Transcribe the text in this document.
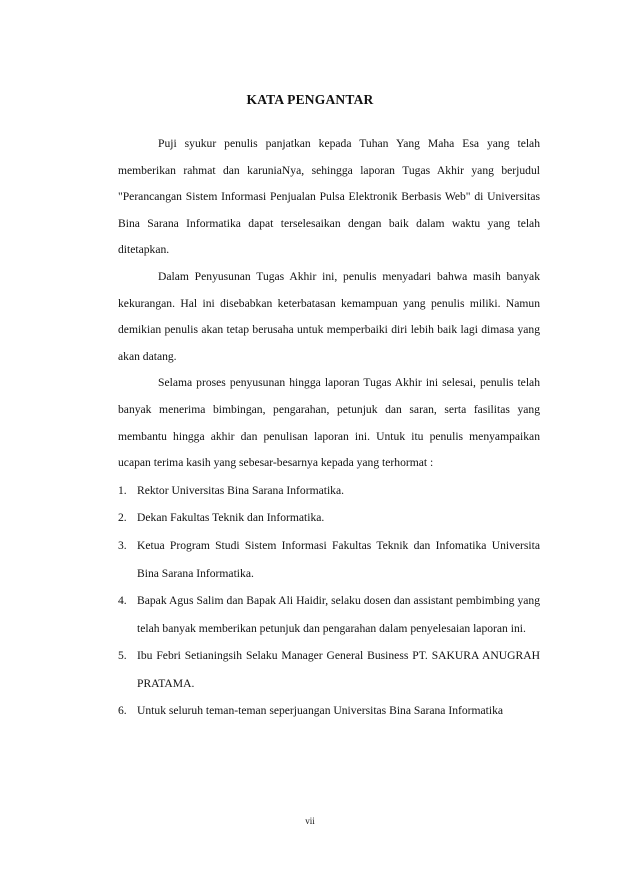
KATA PENGANTAR

Puji syukur penulis panjatkan kepada Tuhan Yang Maha Esa yang telah memberikan rahmat dan karuniaNya, sehingga laporan Tugas Akhir yang berjudul "Perancangan Sistem Informasi Penjualan Pulsa Elektronik Berbasis Web" di Universitas Bina Sarana Informatika dapat terselesaikan dengan baik dalam waktu yang telah ditetapkan.

Dalam Penyusunan Tugas Akhir ini, penulis menyadari bahwa masih banyak kekurangan. Hal ini disebabkan keterbatasan kemampuan yang penulis miliki. Namun demikian penulis akan tetap berusaha untuk memperbaiki diri lebih baik lagi dimasa yang akan datang.

Selama proses penyusunan hingga laporan Tugas Akhir ini selesai, penulis telah banyak menerima bimbingan, pengarahan, petunjuk dan saran, serta fasilitas yang membantu hingga akhir dan penulisan laporan ini. Untuk itu penulis menyampaikan ucapan terima kasih yang sebesar-besarnya kepada yang terhormat :

1. Rektor Universitas Bina Sarana Informatika.
2. Dekan Fakultas Teknik dan Informatika.
3. Ketua Program Studi Sistem Informasi Fakultas Teknik dan Infomatika Universita Bina Sarana Informatika.
4. Bapak Agus Salim dan Bapak Ali Haidir, selaku dosen dan assistant pembimbing yang telah banyak memberikan petunjuk dan pengarahan dalam penyelesaian laporan ini.
5. Ibu Febri Setianingsih Selaku Manager General Business PT. SAKURA ANUGRAH PRATAMA.
6. Untuk seluruh teman-teman seperjuangan Universitas Bina Sarana Informatika
vii
